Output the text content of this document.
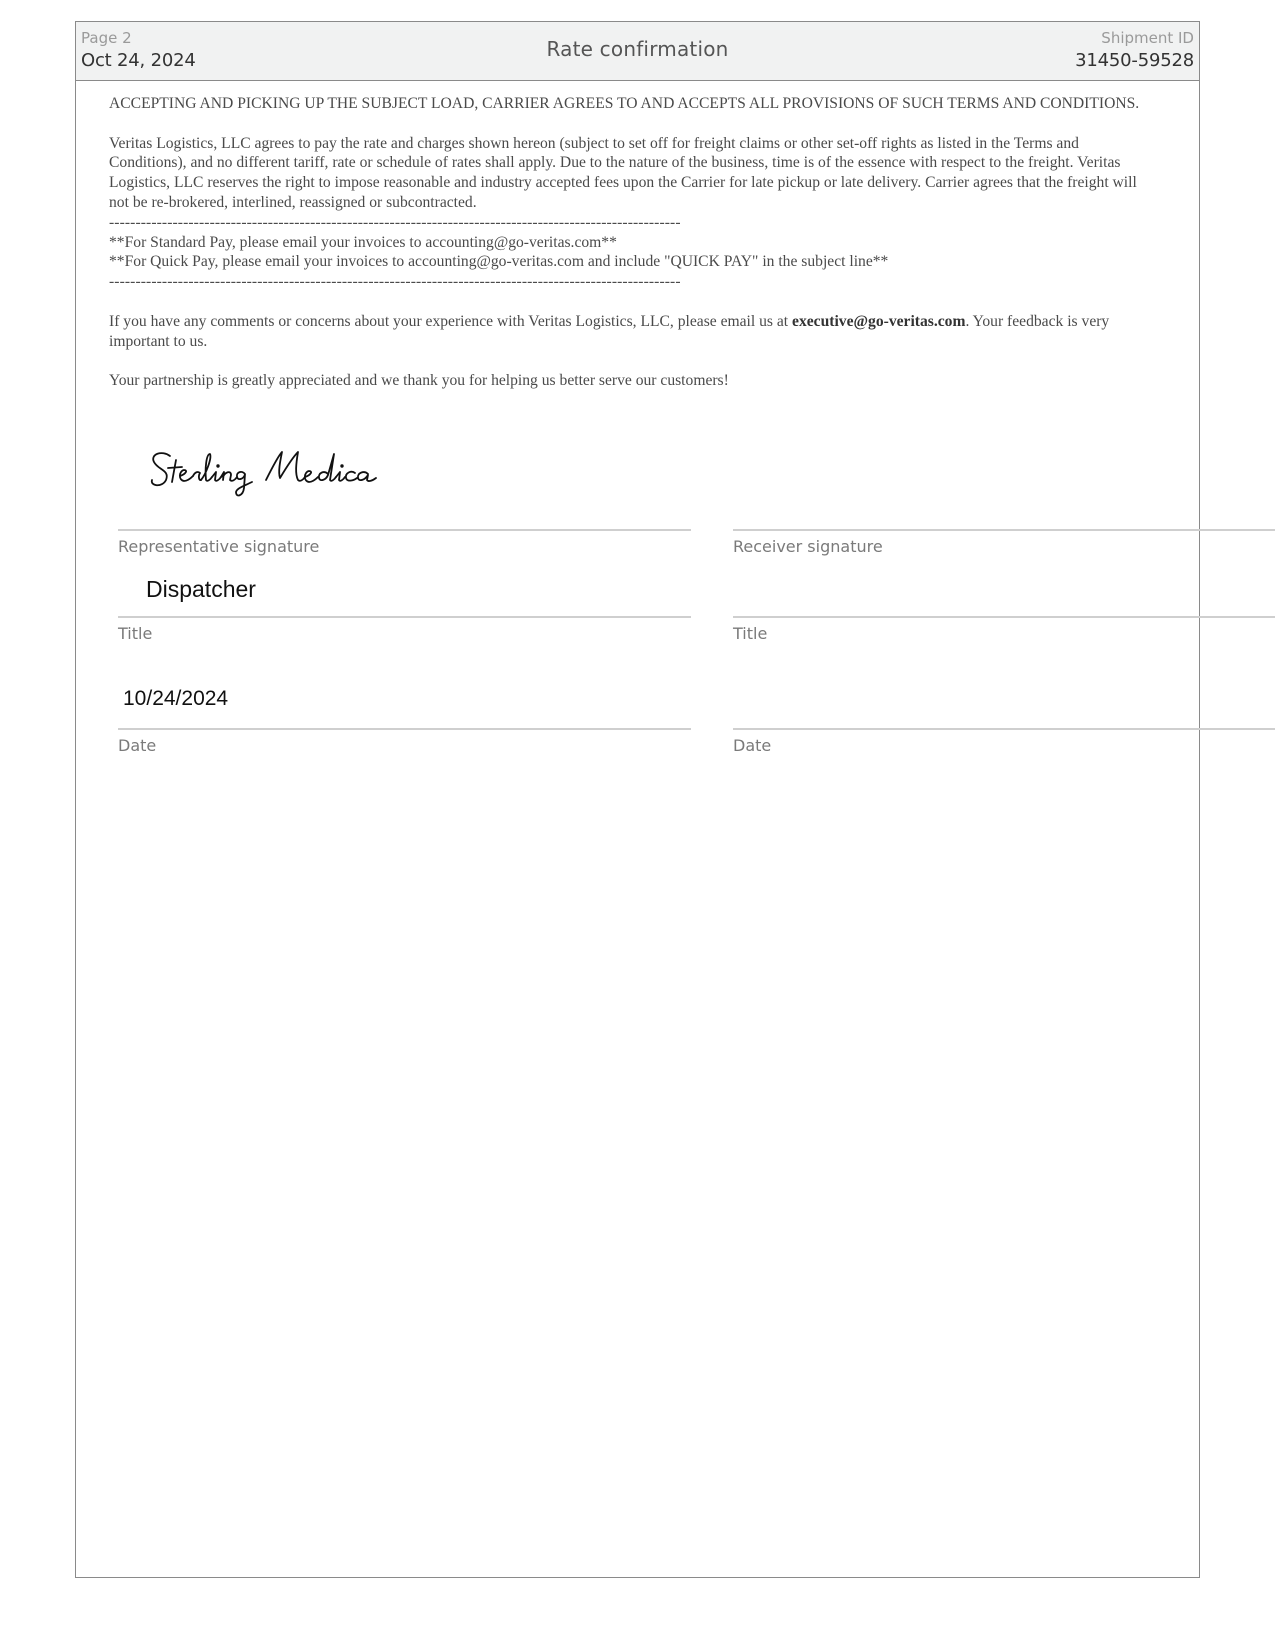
Page 2
Oct 24, 2024	Rate confirmation	Shipment ID
31450-59528

ACCEPTING AND PICKING UP THE SUBJECT LOAD, CARRIER AGREES TO AND ACCEPTS ALL PROVISIONS OF SUCH TERMS AND CONDITIONS.

Veritas Logistics, LLC agrees to pay the rate and charges shown hereon (subject to set off for freight claims or other set-off rights as listed in the Terms and Conditions), and no different tariff, rate or schedule of rates shall apply. Due to the nature of the business, time is of the essence with respect to the freight. Veritas Logistics, LLC reserves the right to impose reasonable and industry accepted fees upon the Carrier for late pickup or late delivery. Carrier agrees that the freight will not be re-brokered, interlined, reassigned or subcontracted.

------------------------------------------------------------------------------------------------------------

**For Standard Pay, please email your invoices to accounting@go-veritas.com**

**For Quick Pay, please email your invoices to accounting@go-veritas.com and include "QUICK PAY" in the subject line**

------------------------------------------------------------------------------------------------------------

If you have any comments or concerns about your experience with Veritas Logistics, LLC, please email us at executive@go-veritas.com. Your feedback is very important to us.

Your partnership is greatly appreciated and we thank you for helping us better serve our customers!

Representative signature	Receiver signature
Dispatcher
Title	Title
10/24/2024
Date	Date
